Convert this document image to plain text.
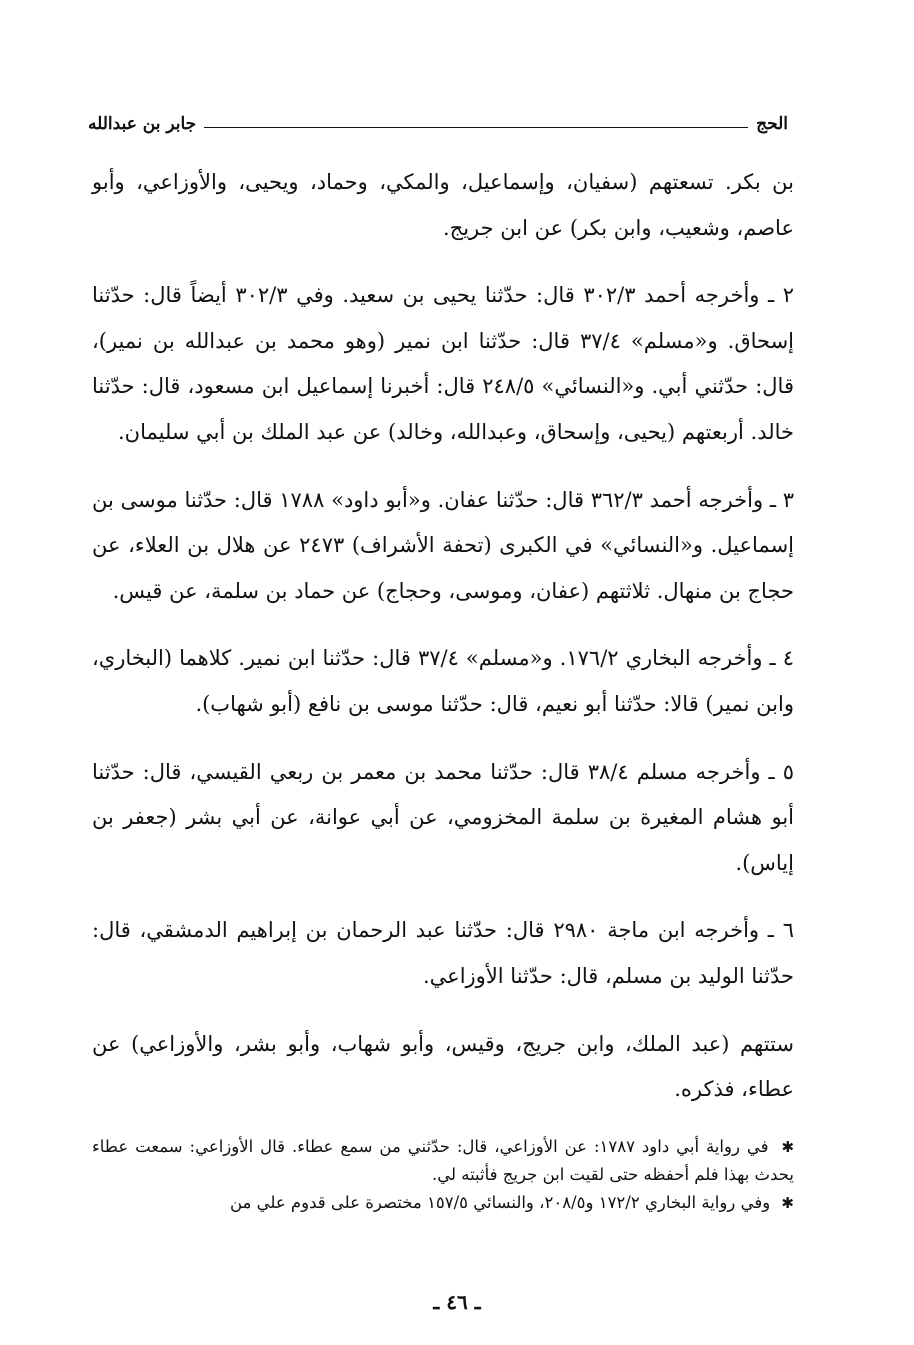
الحج
جابر بن عبدالله

بن بكر. تسعتهم (سفيان، وإسماعيل، والمكي، وحماد، ويحيى، والأوزاعي، وأبو عاصم، وشعيب، وابن بكر) عن ابن جريج.

٢ ـ وأخرجه أحمد ٣٠٢/٣ قال: حدّثنا يحيى بن سعيد. وفي ٣٠٢/٣ أيضاً قال: حدّثنا إسحاق. و«مسلم» ٣٧/٤ قال: حدّثنا ابن نمير (وهو محمد بن عبدالله بن نمير)، قال: حدّثني أبي. و«النسائي» ٢٤٨/٥ قال: أخبرنا إسماعيل ابن مسعود، قال: حدّثنا خالد. أربعتهم (يحيى، وإسحاق، وعبدالله، وخالد) عن عبد الملك بن أبي سليمان.

٣ ـ وأخرجه أحمد ٣٦٢/٣ قال: حدّثنا عفان. و«أبو داود» ١٧٨٨ قال: حدّثنا موسى بن إسماعيل. و«النسائي» في الكبرى (تحفة الأشراف) ٢٤٧٣ عن هلال بن العلاء، عن حجاج بن منهال. ثلاثتهم (عفان، وموسى، وحجاج) عن حماد بن سلمة، عن قيس.

٤ ـ وأخرجه البخاري ١٧٦/٢. و«مسلم» ٣٧/٤ قال: حدّثنا ابن نمير. كلاهما (البخاري، وابن نمير) قالا: حدّثنا أبو نعيم، قال: حدّثنا موسى بن نافع (أبو شهاب).

٥ ـ وأخرجه مسلم ٣٨/٤ قال: حدّثنا محمد بن معمر بن ربعي القيسي، قال: حدّثنا أبو هشام المغيرة بن سلمة المخزومي، عن أبي عوانة، عن أبي بشر (جعفر بن إياس).

٦ ـ وأخرجه ابن ماجة ٢٩٨٠ قال: حدّثنا عبد الرحمان بن إبراهيم الدمشقي، قال: حدّثنا الوليد بن مسلم، قال: حدّثنا الأوزاعي.

ستتهم (عبد الملك، وابن جريج، وقيس، وأبو شهاب، وأبو بشر، والأوزاعي) عن عطاء، فذكره.

✱ في رواية أبي داود ١٧٨٧: عن الأوزاعي، قال: حدّثني من سمع عطاء. قال الأوزاعي: سمعت عطاء يحدث بهذا فلم أحفظه حتى لقيت ابن جريج فأثبته لي.

✱ وفي رواية البخاري ١٧٢/٢ و٢٠٨/٥، والنسائي ١٥٧/٥ مختصرة على قدوم علي من

ـ ٤٦ ـ
